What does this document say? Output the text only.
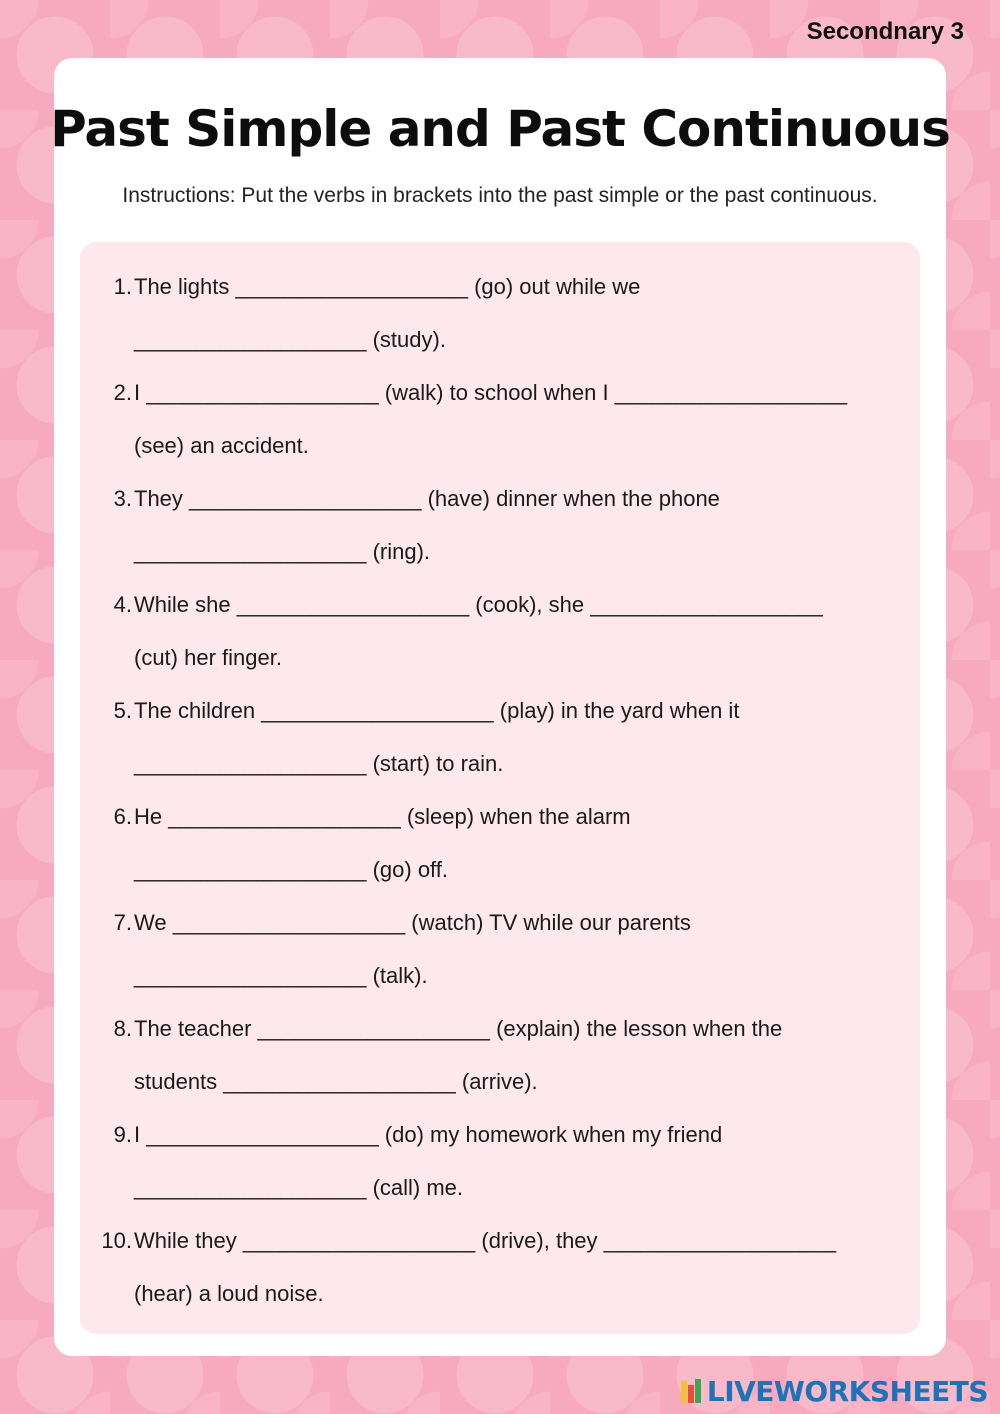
Secondnary 3
Past Simple and Past Continuous
Instructions: Put the verbs in brackets into the past simple or the past continuous.
1. The lights ___________________ (go) out while we
___________________ (study).
2. I ___________________ (walk) to school when I ___________________
(see) an accident.
3. They ___________________ (have) dinner when the phone
___________________ (ring).
4. While she ___________________ (cook), she ___________________
(cut) her finger.
5. The children ___________________ (play) in the yard when it
___________________ (start) to rain.
6. He ___________________ (sleep) when the alarm
___________________ (go) off.
7. We ___________________ (watch) TV while our parents
___________________ (talk).
8. The teacher ___________________ (explain) the lesson when the
students ___________________ (arrive).
9. I ___________________ (do) my homework when my friend
___________________ (call) me.
10. While they ___________________ (drive), they ___________________
(hear) a loud noise.
LIVEWORKSHEETS
